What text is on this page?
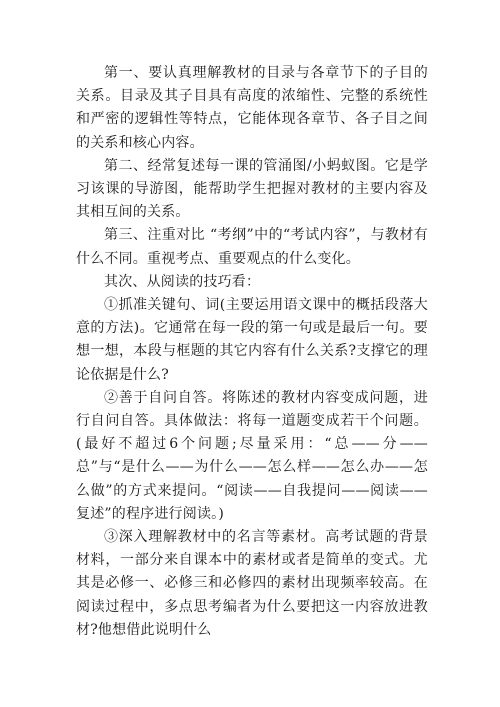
第一、要认真理解教材的目录与各章节下的子目的关系。目录及其子目具有高度的浓缩性、完整的系统性和严密的逻辑性等特点，它能体现各章节、各子目之间的关系和核心内容。

第二、经常复述每一课的管涌图/小蚂蚁图。它是学习该课的导游图，能帮助学生把握对教材的主要内容及其相互间的关系。

第三、注重对比 “考纲”中的“考试内容”，与教材有什么不同。重视考点、重要观点的什么变化。

其次、从阅读的技巧看：

①抓准关键句、词(主要运用语文课中的概括段落大意的方法)。它通常在每一段的第一句或是最后一句。要想一想，本段与框题的其它内容有什么关系?支撑它的理论依据是什么?

②善于自问自答。将陈述的教材内容变成问题，进行自问自答。具体做法：将每一道题变成若干个问题。(最好不超过6个问题;尽量采用：“总——分——总”与“是什么——为什么——怎么样——怎么办——怎么做”的方式来提问。“阅读——自我提问——阅读——复述”的程序进行阅读。)

③深入理解教材中的名言等素材。高考试题的背景材料，一部分来自课本中的素材或者是简单的变式。尤其是必修一、必修三和必修四的素材出现频率较高。在阅读过程中，多点思考编者为什么要把这一内容放进教材?他想借此说明什么
